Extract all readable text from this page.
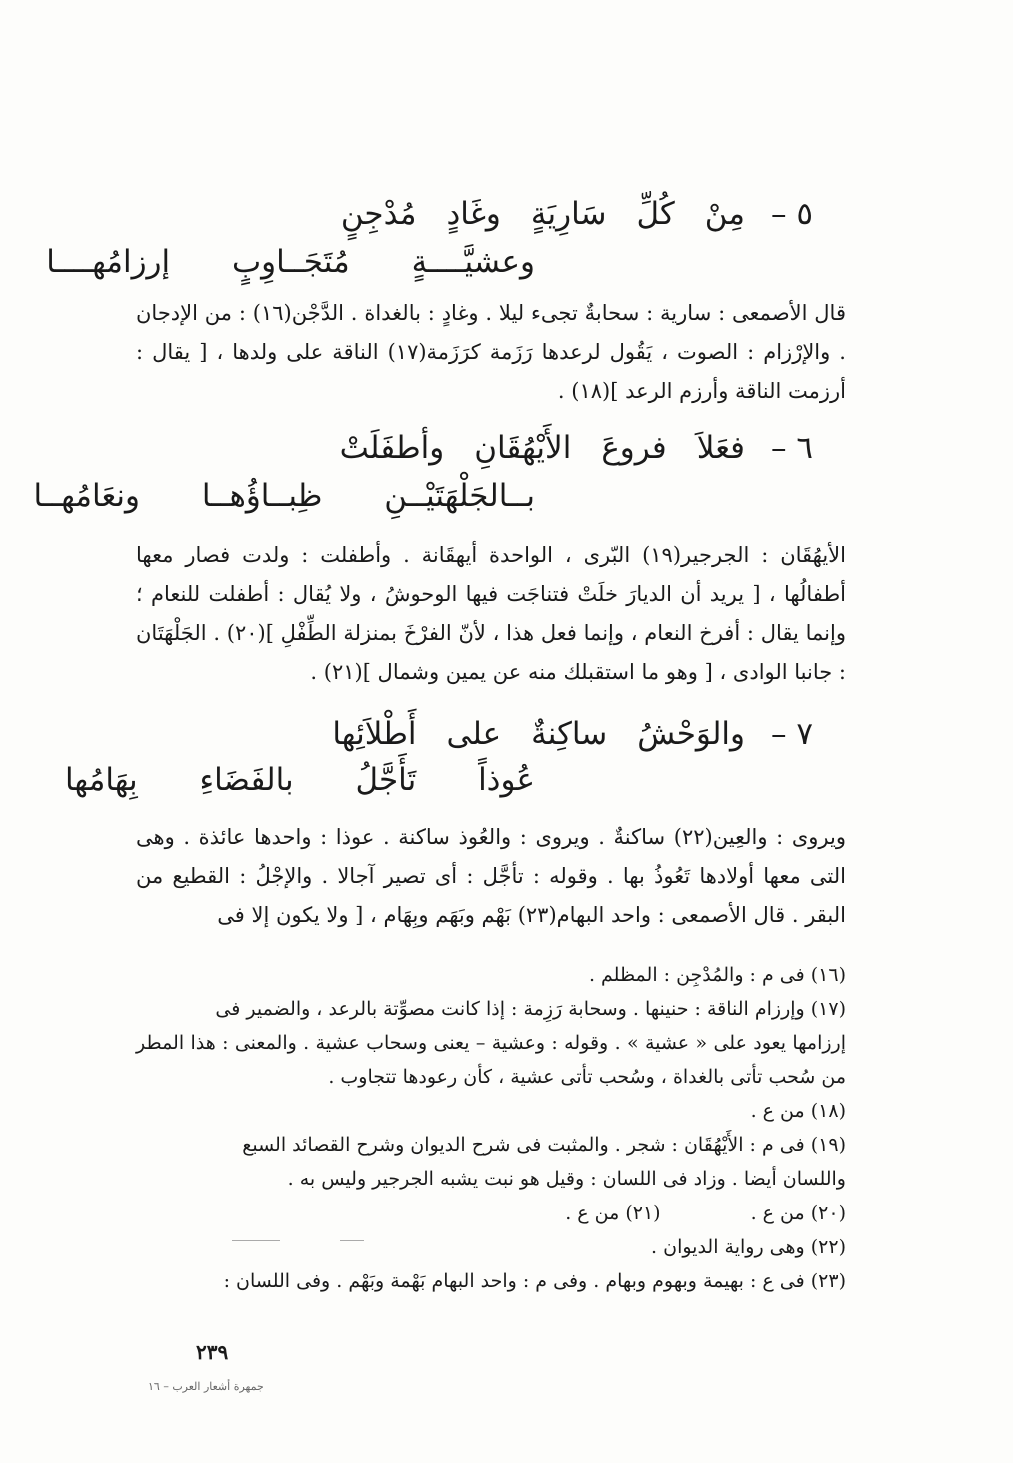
٥ –مِنْكُلِّسَارِيَةٍوغَادٍمُدْجِنٍ
وعشيَّــــةٍ مُتَجَــاوِبٍ إرزامُهــــا
قال الأصمعى : سارية : سحابةٌ تجىء ليلا . وغادٍ : بالغداة . الدَّجْن(١٦) : من الإدجان . والإرْزام : الصوت ، يَقُول لرعدها رَزَمة كرَزَمة(١٧) الناقة على ولدها ، [ يقال : أرزمت الناقة وأرزم الرعد ](١٨) .
٦ –فعَلاَفروعَالأَيْهُقَانِوأطفَلَتْ
بــالجَلْهَتَيْــنِ ظِبــاؤُهــا ونعَامُهــا
الأيهُقَان : الجرجير(١٩) البّرى ، الواحدة أيهقَانة . وأطفلت : ولدت فصار معها أطفالُها ، [ يريد أن الديارَ خلَتْ فتناجَت فيها الوحوشُ ، ولا يُقال : أطفلت للنعام ؛ وإنما يقال : أفرخ النعام ، وإنما فعل هذا ، لأنّ الفرْخَ بمنزلة الطِّفْلِ ](٢٠) . الجَلْهَتَان : جانبا الوادى ، [ وهو ما استقبلك منه عن يمين وشمال ](٢١) .
٧ –والوَحْشُساكِنةٌعلىأَطْلاَئِها
عُوذاً تَأَجَّلُ بالفَضَاءِ بِهَامُها
ويروى : والعِين(٢٢) ساكنةٌ . ويروى : والعُوذ ساكنة . عوذا : واحدها عائذة . وهى التى معها أولادها تَعُوذُ بها . وقوله : تأجَّل : أى تصير آجالا . والإجْلُ : القطيع من البقر . قال الأصمعى : واحد البهام(٢٣) بَهْم وبَهَم وبِهَام ، [ ولا يكون إلا فى

(١٦) فى م : والمُدْجِن : المظلم .

(١٧) وإرزام الناقة : حنينها . وسحابة رَزِمة : إذا كانت مصوِّتة بالرعد ، والضمير فى
إرزامها يعود على « عشية » . وقوله : وعشية – يعنى وسحاب عشية . والمعنى : هذا المطر من سُحب تأتى بالغداة ، وسُحب تأتى عشية ، كأن رعودها تتجاوب .

(١٨) من ع .

(١٩) فى م : الأَيْهُقَان : شجر . والمثبت فى شرح الديوان وشرح القصائد السبع
واللسان أيضا . وزاد فى اللسان : وقيل هو نبت يشبه الجرجير وليس به .

(٢٠) من ع .
(٢١) من ع .

(٢٢) وهى رواية الديوان .

(٢٣) فى ع : بهيمة وبهوم وبهام . وفى م : واحد البهام بَهْمة وبَهْم . وفى اللسان :

٢٣٩
جمهرة أشعار العرب – ١٦
